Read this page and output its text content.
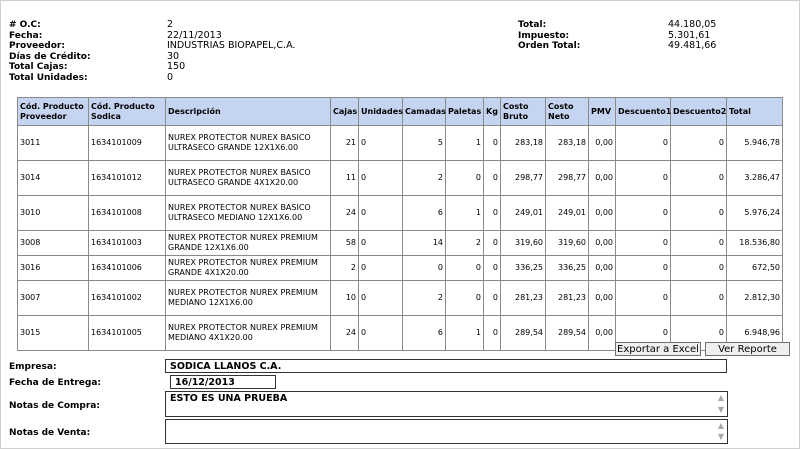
# O.C:	2
Fecha:	22/11/2013
Proveedor:	INDUSTRIAS BIOPAPEL,C.A.
Días de Crédito:	30
Total Cajas:	150
Total Unidades:	0
Total:	44.180,05
Impuesto:	5.301,61
Orden Total:	49.481,66
Cód. Producto Proveedor	Cód. Producto Sodica	Descripción	Cajas	Unidades	Camadas	Paletas	Kg	Costo Bruto	Costo Neto	PMV	Descuento1	Descuento2	Total
3011	1634101009	NUREX PROTECTOR NUREX BASICO ULTRASECO GRANDE 12X1X6.00	21	0	5	1	0	283,18	283,18	0,00	0	0	5.946,78
3014	1634101012	NUREX PROTECTOR NUREX BASICO ULTRASECO GRANDE 4X1X20.00	11	0	2	0	0	298,77	298,77	0,00	0	0	3.286,47
3010	1634101008	NUREX PROTECTOR NUREX BASICO ULTRASECO MEDIANO 12X1X6.00	24	0	6	1	0	249,01	249,01	0,00	0	0	5.976,24
3008	1634101003	NUREX PROTECTOR NUREX PREMIUM GRANDE 12X1X6.00	58	0	14	2	0	319,60	319,60	0,00	0	0	18.536,80
3016	1634101006	NUREX PROTECTOR NUREX PREMIUM GRANDE 4X1X20.00	2	0	0	0	0	336,25	336,25	0,00	0	0	672,50
3007	1634101002	NUREX PROTECTOR NUREX PREMIUM MEDIANO 12X1X6.00	10	0	2	0	0	281,23	281,23	0,00	0	0	2.812,30
3015	1634101005	NUREX PROTECTOR NUREX PREMIUM MEDIANO 4X1X20.00	24	0	6	1	0	289,54	289,54	0,00	0	0	6.948,96
Exportar a Excel	Ver Reporte
Empresa:	SODICA LLANOS C.A.
Fecha de Entrega:	16/12/2013
Notas de Compra:
ESTO ES UNA PRUEBA	▲
▼
Notas de Venta:
▲
▼
